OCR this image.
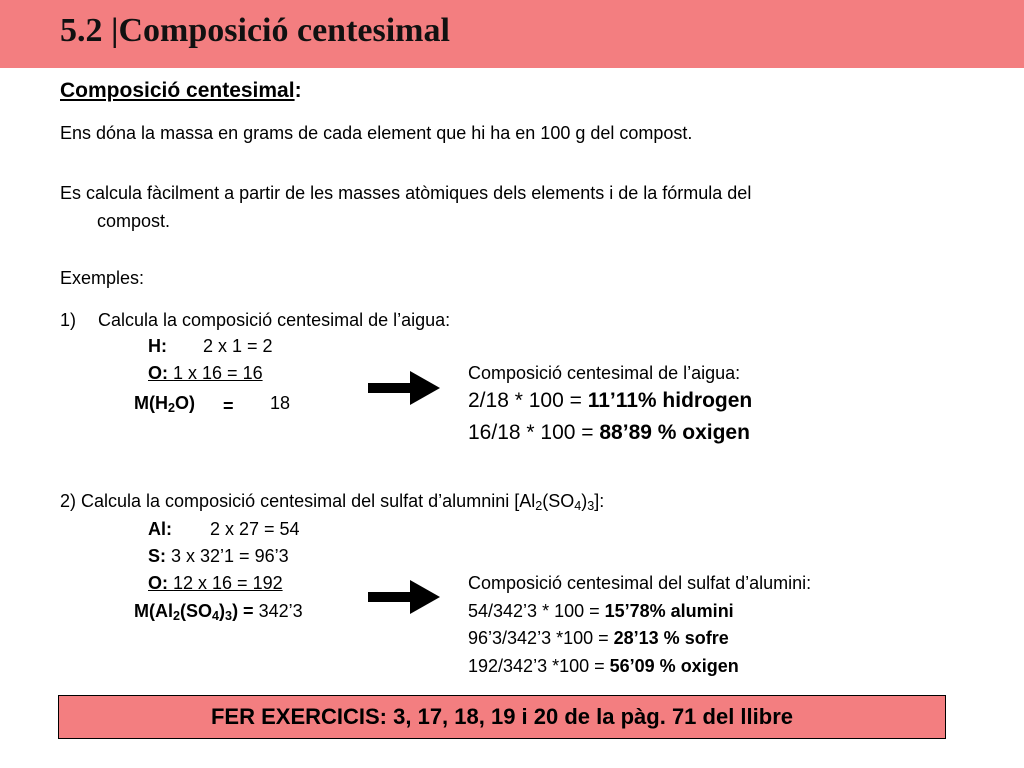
5.2 |Composició centesimal
Composició centesimal:
Ens dóna la massa en grams de cada element que hi ha en 100 g del compost.
Es calcula fàcilment a partir de les masses atòmiques dels elements i de la fórmula del
compost.
Exemples:
1) Calcula la composició centesimal de l’aigua:
H: 2 x 1 = 2
O: 1 x 16 = 16
$M(H_2O) = 18$
Composició centesimal de l’aigua:
2/18 * 100 = 11’11% hidrogen
16/18 * 100 = 88’89 % oxigen
2) Calcula la composició centesimal del sulfat d’alumnini $[Al_2(SO_4)_3]$:
Al: 2 x 27 = 54
S: 3 x 32’1 = 96’3
O: 12 x 16 = 192
$M(Al_2(SO_4)_3)$ = 342’3
Composició centesimal del sulfat d’alumini:
54/342’3 * 100 = 15’78% alumini
96’3/342’3 *100 = 28’13 % sofre
192/342’3 *100 = 56’09 % oxigen
FER EXERCICIS: 3, 17, 18, 19 i 20 de la pàg. 71 del llibre
